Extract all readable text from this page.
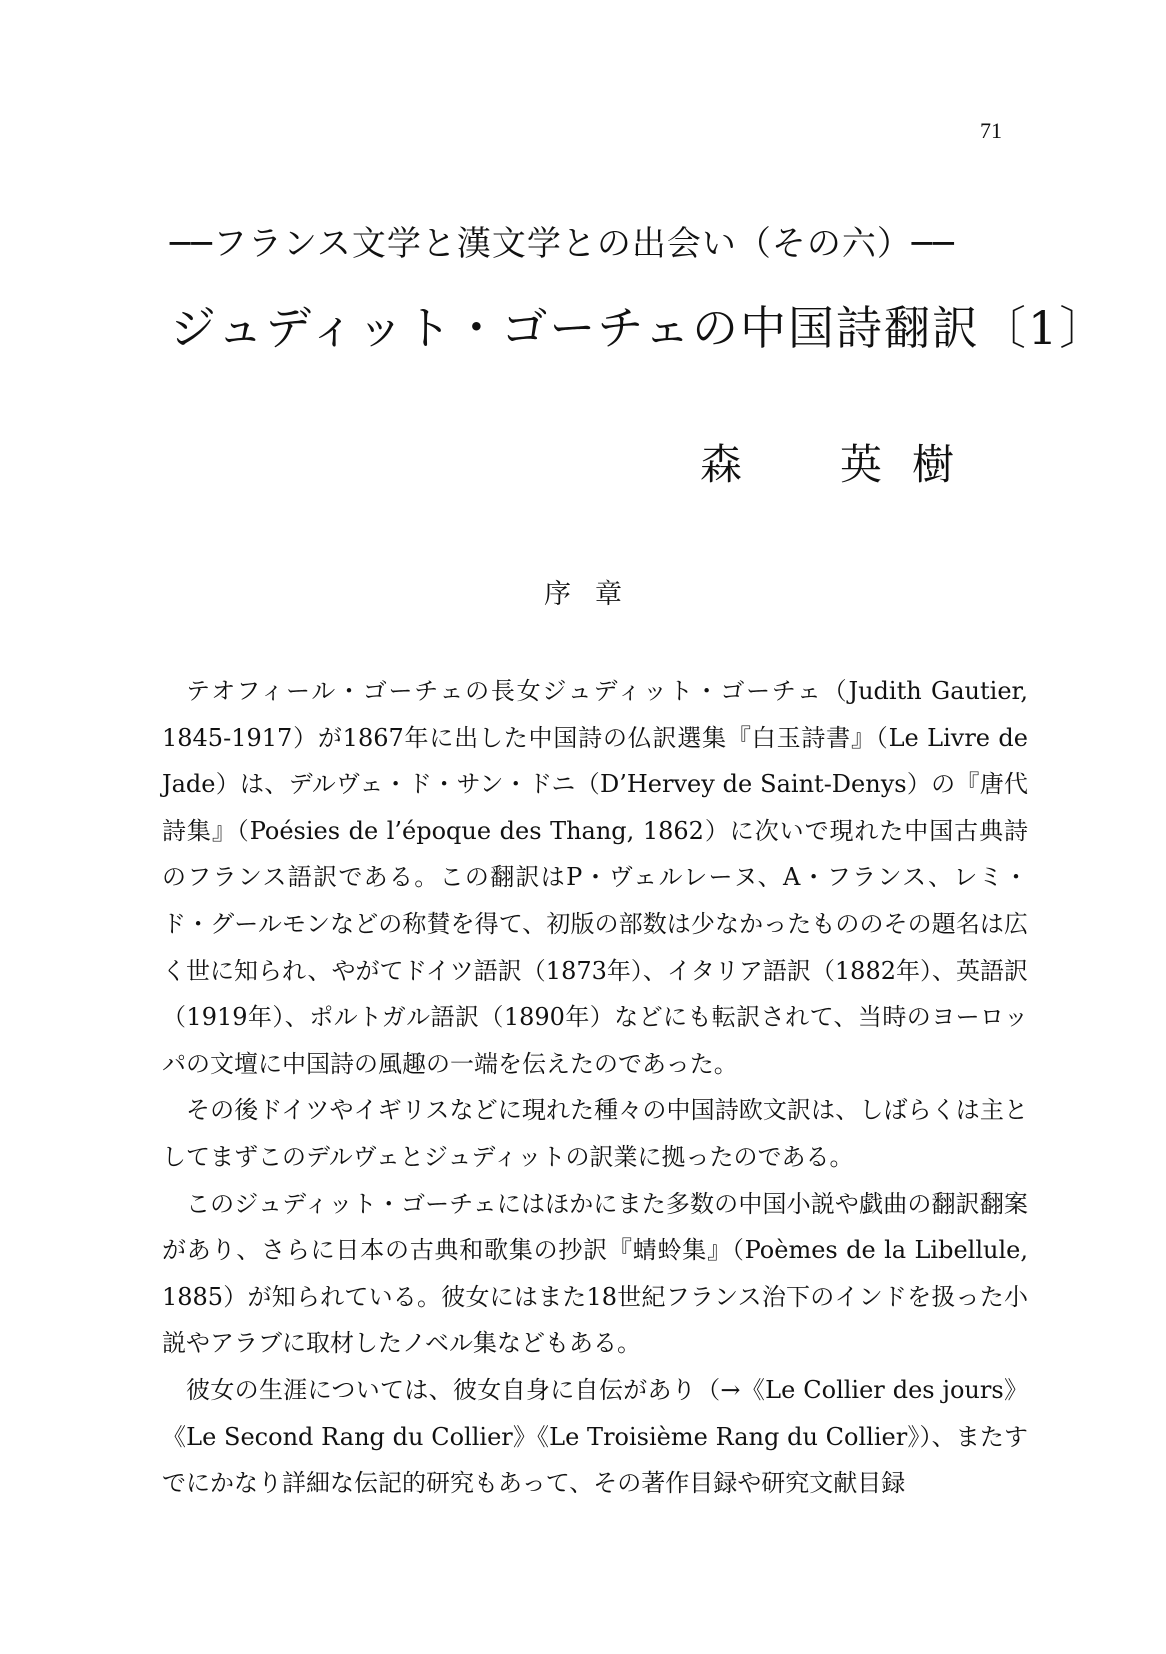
71
──フランス文学と漢文学との出会い（その六）──
ジュディット・ゴーチェの中国詩翻訳〔1〕
森 英 樹
序章

テオフィール・ゴーチェの長女ジュディット・ゴーチェ（Judith Gautier, 1845-1917）が1867年に出した中国詩の仏訳選集『白玉詩書』（Le Livre de Jade）は、デルヴェ・ド・サン・ドニ（D’Hervey de Saint-Denys）の『唐代詩集』（Poésies de l’époque des Thang, 1862）に次いで現れた中国古典詩のフランス語訳である。この翻訳はP・ヴェルレーヌ、A・フランス、レミ・ド・グールモンなどの称賛を得て、初版の部数は少なかったもののその題名は広く世に知られ、やがてドイツ語訳（1873年）、イタリア語訳（1882年）、英語訳（1919年）、ポルトガル語訳（1890年）などにも転訳されて、当時のヨーロッパの文壇に中国詩の風趣の一端を伝えたのであった。

その後ドイツやイギリスなどに現れた種々の中国詩欧文訳は、しばらくは主としてまずこのデルヴェとジュディットの訳業に拠ったのである。

このジュディット・ゴーチェにはほかにまた多数の中国小説や戯曲の翻訳翻案があり、さらに日本の古典和歌集の抄訳『蜻蛉集』（Poèmes de la Libellule, 1885）が知られている。彼女にはまた18世紀フランス治下のインドを扱った小説やアラブに取材したノベル集などもある。

彼女の生涯については、彼女自身に自伝があり（→《Le Collier des jours》《Le Second Rang du Collier》《Le Troisième Rang du Collier》）、またすでにかなり詳細な伝記的研究もあって、その著作目録や研究文献目録
